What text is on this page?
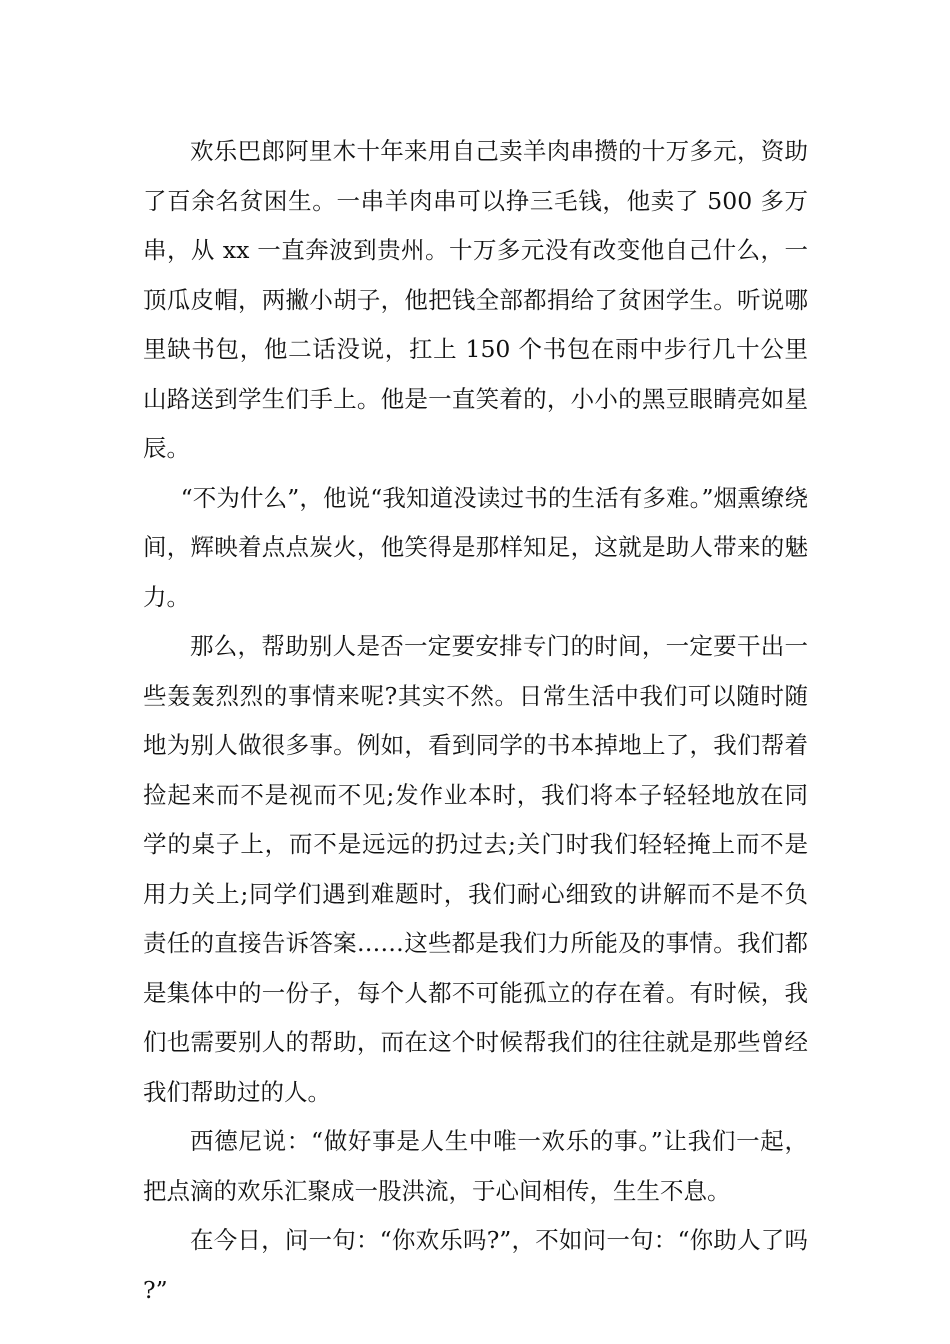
欢乐巴郎阿里木十年来用自己卖羊肉串攒的十万多元，资助了百余名贫困生。一串羊肉串可以挣三毛钱，他卖了 500 多万串，从 xx 一直奔波到贵州。十万多元没有改变他自己什么，一顶瓜皮帽，两撇小胡子，他把钱全部都捐给了贫困学生。听说哪里缺书包，他二话没说，扛上 150 个书包在雨中步行几十公里山路送到学生们手上。他是一直笑着的，小小的黑豆眼睛亮如星辰。

“不为什么”，他说“我知道没读过书的生活有多难。”烟熏缭绕间，辉映着点点炭火，他笑得是那样知足，这就是助人带来的魅力。

那么，帮助别人是否一定要安排专门的时间，一定要干出一些轰轰烈烈的事情来呢?其实不然。日常生活中我们可以随时随地为别人做很多事。例如，看到同学的书本掉地上了，我们帮着捡起来而不是视而不见;发作业本时，我们将本子轻轻地放在同学的桌子上，而不是远远的扔过去;关门时我们轻轻掩上而不是用力关上;同学们遇到难题时，我们耐心细致的讲解而不是不负责任的直接告诉答案……这些都是我们力所能及的事情。我们都是集体中的一份子，每个人都不可能孤立的存在着。有时候，我们也需要别人的帮助，而在这个时候帮我们的往往就是那些曾经我们帮助过的人。

西德尼说：“做好事是人生中唯一欢乐的事。”让我们一起，把点滴的欢乐汇聚成一股洪流，于心间相传，生生不息。

在今日，问一句：“你欢乐吗?”，不如问一句：“你助人了吗?”
